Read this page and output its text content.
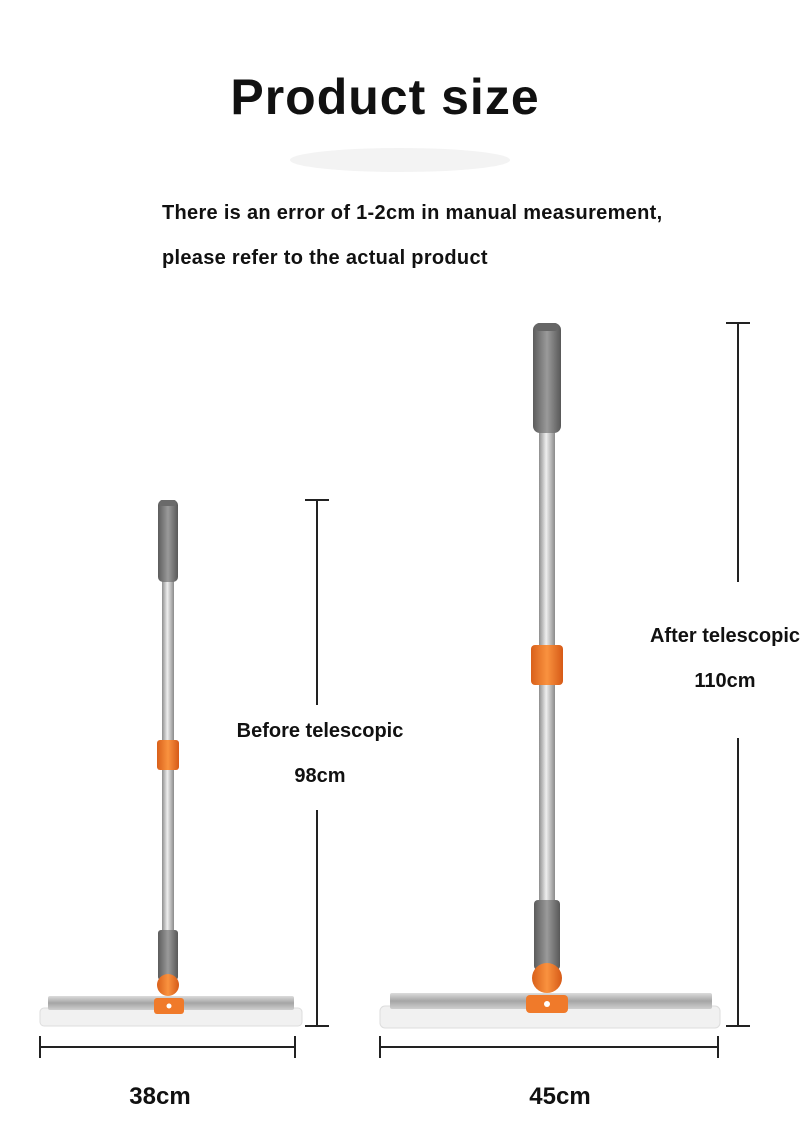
Product size
There is an error of 1-2cm in manual measurement,
please refer to the actual product
Before telescopic
98cm
After telescopic
110cm
38cm	45cm
